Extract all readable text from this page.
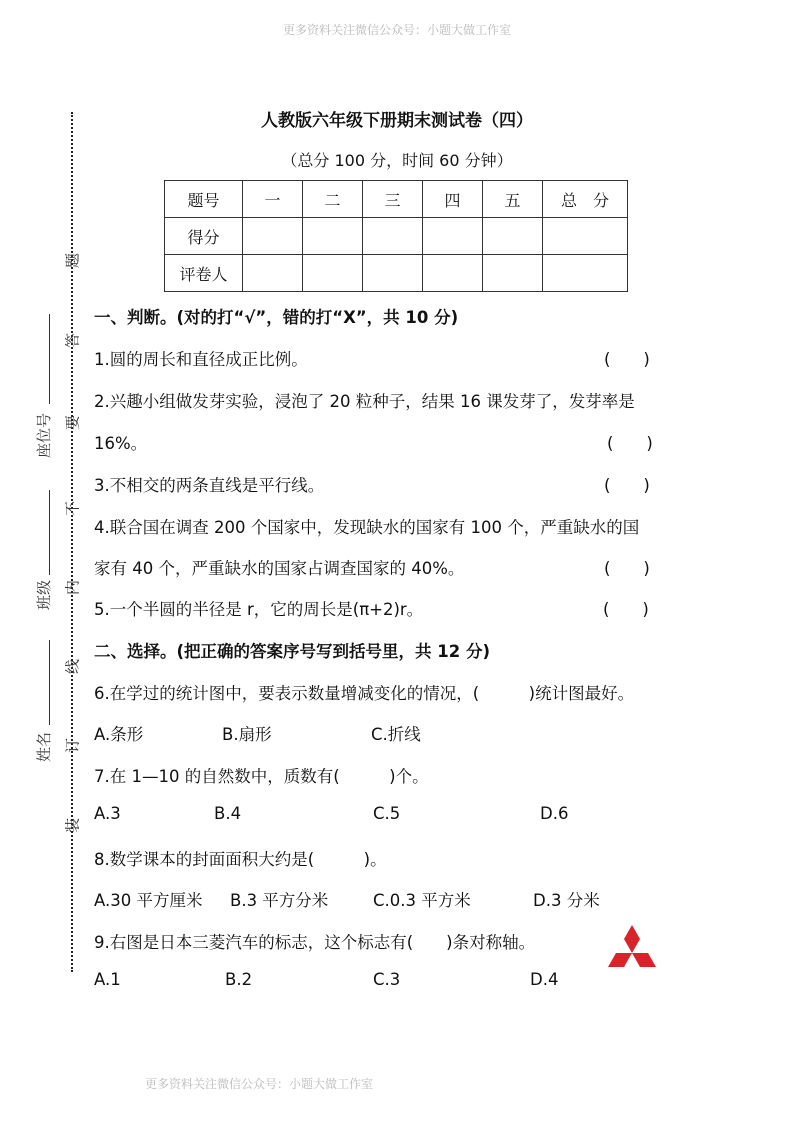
更多资料关注微信公众号：小题大做工作室
题
答
要
不
内
线
订
装
座位号
班级
姓名
人教版六年级下册期末测试卷（四）
（总分 100 分，时间 60 分钟）
题号	一	二	三	四	五	总　分
得分						
评卷人						
一、判断。(对的打“√”，错的打“X”，共 10 分)
1.圆的周长和直径成正比例。	(　　)
2.兴趣小组做发芽实验，浸泡了 20 粒种子，结果 16 课发芽了，发芽率是
16%。	(　　)
3.不相交的两条直线是平行线。	(　　)
4.联合国在调查 200 个国家中，发现缺水的国家有 100 个，严重缺水的国
家有 40 个，严重缺水的国家占调查国家的 40%。	(　　)
5.一个半圆的半径是 r，它的周长是(π+2)r。	(　　)
二、选择。(把正确的答案序号写到括号里，共 12 分)
6.在学过的统计图中，要表示数量增减变化的情况，(　　　)统计图最好。
A.条形	B.扇形	C.折线
7.在 1—10 的自然数中，质数有(　　　)个。
A.3	B.4	C.5	D.6
8.数学课本的封面面积大约是(　　　)。
A.30 平方厘米 B.3 平方分米	C.0.3 平方米	D.3 分米
9.右图是日本三菱汽车的标志，这个标志有(　　)条对称轴。
A.1	B.2	C.3	D.4
更多资料关注微信公众号：小题大做工作室
